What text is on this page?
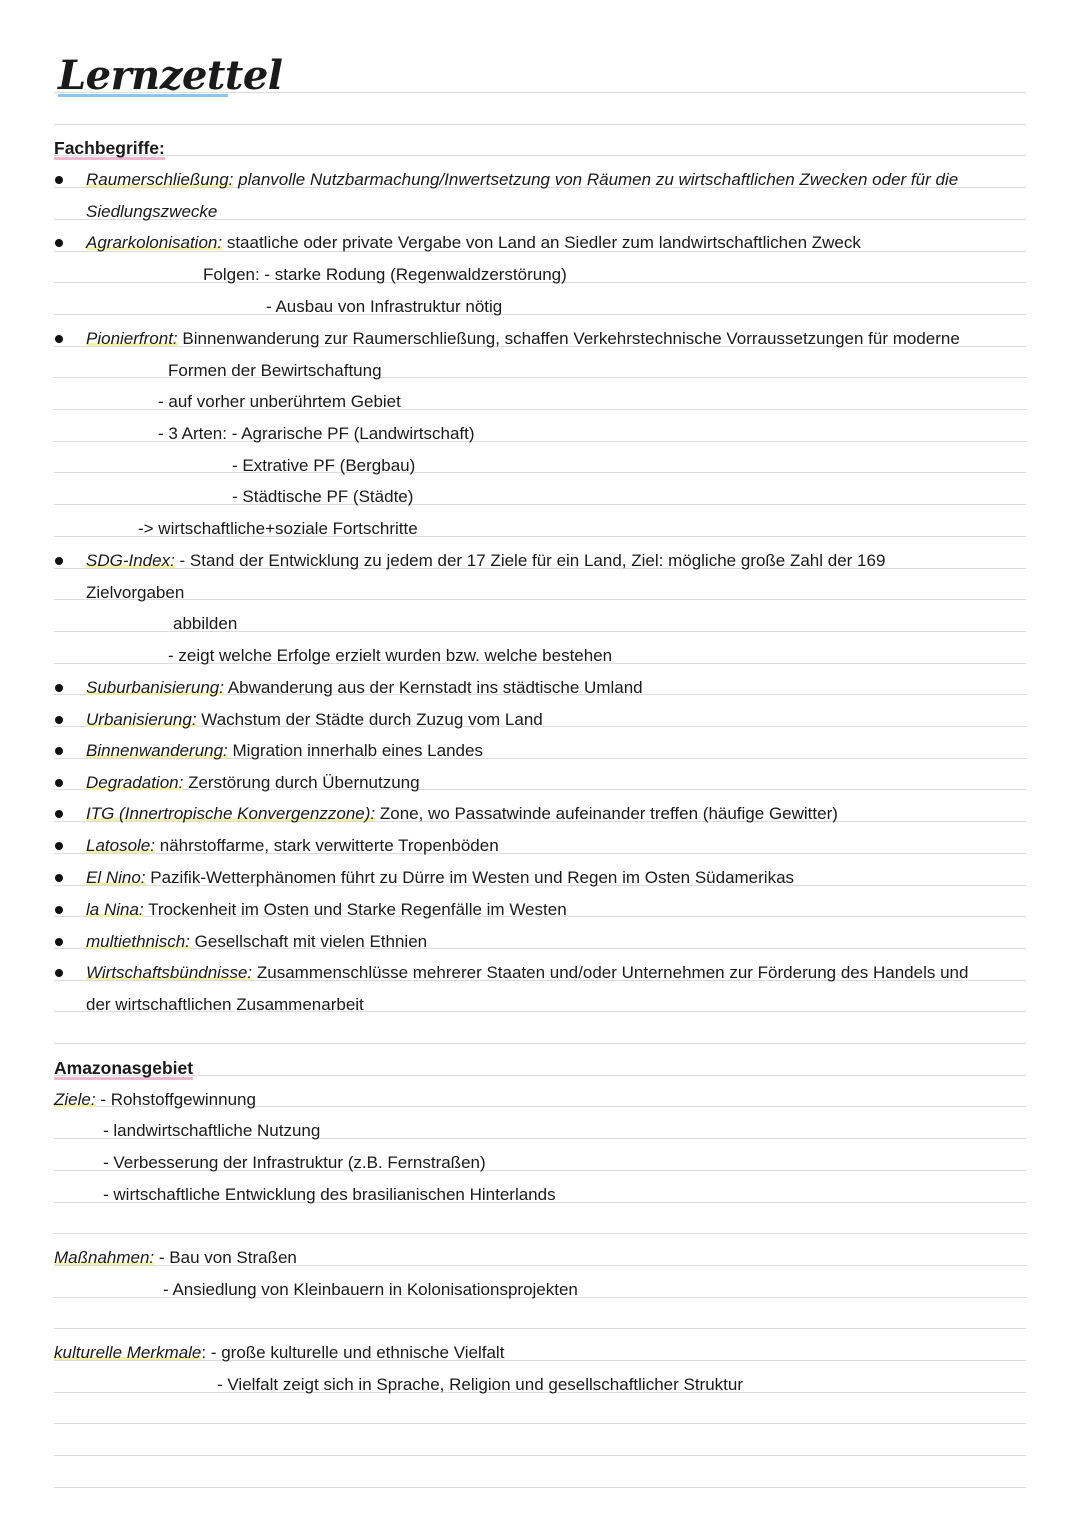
Lernzettel
Fachbegriffe:
Raumerschließung: planvolle Nutzbarmachung/Inwertsetzung von Räumen zu wirtschaftlichen Zwecken oder für die
Siedlungszwecke
Agrarkolonisation: staatliche oder private Vergabe von Land an Siedler zum landwirtschaftlichen Zweck
Folgen: - starke Rodung (Regenwaldzerstörung)
- Ausbau von Infrastruktur nötig
Pionierfront: Binnenwanderung zur Raumerschließung, schaffen Verkehrstechnische Vorraussetzungen für moderne
Formen der Bewirtschaftung
- auf vorher unberührtem Gebiet
- 3 Arten: - Agrarische PF (Landwirtschaft)
- Extrative PF (Bergbau)
- Städtische PF (Städte)
-> wirtschaftliche+soziale Fortschritte
SDG-Index: - Stand der Entwicklung zu jedem der 17 Ziele für ein Land, Ziel: mögliche große Zahl der 169
Zielvorgaben
abbilden
- zeigt welche Erfolge erzielt wurden bzw. welche bestehen
Suburbanisierung: Abwanderung aus der Kernstadt ins städtische Umland
Urbanisierung: Wachstum der Städte durch Zuzug vom Land
Binnenwanderung: Migration innerhalb eines Landes
Degradation: Zerstörung durch Übernutzung
ITG (Innertropische Konvergenzzone): Zone, wo Passatwinde aufeinander treffen (häufige Gewitter)
Latosole: nährstoffarme, stark verwitterte Tropenböden
El Nino: Pazifik-Wetterphänomen führt zu Dürre im Westen und Regen im Osten Südamerikas
la Nina: Trockenheit im Osten und Starke Regenfälle im Westen
multiethnisch: Gesellschaft mit vielen Ethnien
Wirtschaftsbündnisse: Zusammenschlüsse mehrerer Staaten und/oder Unternehmen zur Förderung des Handels und
der wirtschaftlichen Zusammenarbeit
Amazonasgebiet
Ziele: - Rohstoffgewinnung
- landwirtschaftliche Nutzung
- Verbesserung der Infrastruktur (z.B. Fernstraßen)
- wirtschaftliche Entwicklung des brasilianischen Hinterlands
Maßnahmen: - Bau von Straßen
- Ansiedlung von Kleinbauern in Kolonisationsprojekten
kulturelle Merkmale: - große kulturelle und ethnische Vielfalt
- Vielfalt zeigt sich in Sprache, Religion und gesellschaftlicher Struktur
